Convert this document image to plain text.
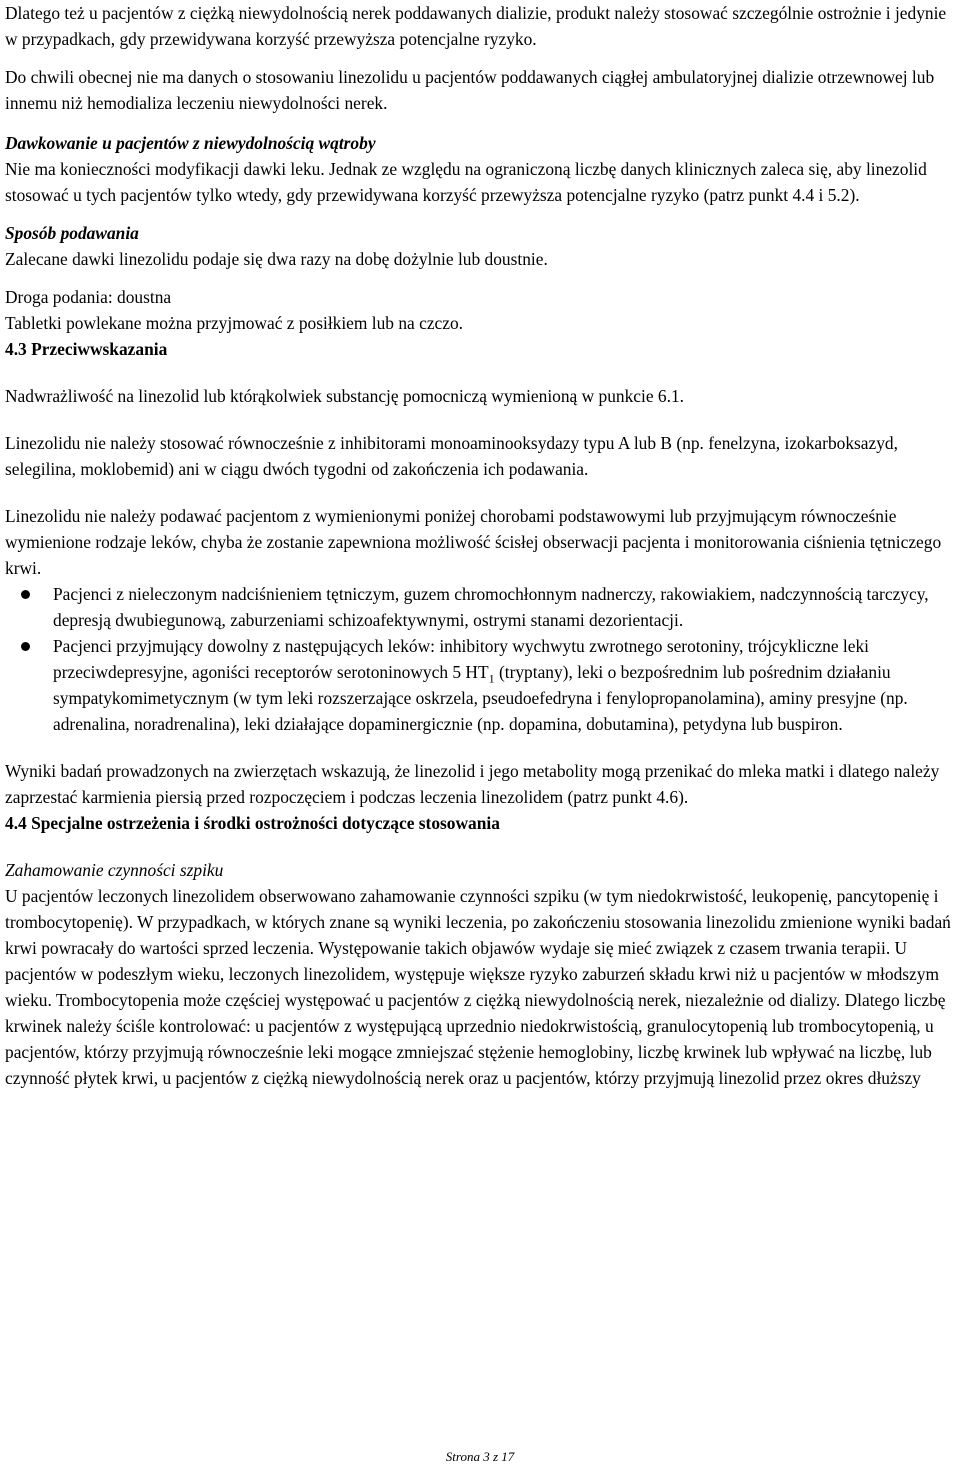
Dlatego też u pacjentów z ciężką niewydolnością nerek poddawanych dializie, produkt należy stosować szczególnie ostrożnie i jedynie w przypadkach, gdy przewidywana korzyść przewyższa potencjalne ryzyko.

Do chwili obecnej nie ma danych o stosowaniu linezolidu u pacjentów poddawanych ciągłej ambulatoryjnej dializie otrzewnowej lub innemu niż hemodializa leczeniu niewydolności nerek.

Dawkowanie u pacjentów z niewydolnością wątroby

Nie ma konieczności modyfikacji dawki leku. Jednak ze względu na ograniczoną liczbę danych klinicznych zaleca się, aby linezolid stosować u tych pacjentów tylko wtedy, gdy przewidywana korzyść przewyższa potencjalne ryzyko (patrz punkt 4.4 i 5.2).

Sposób podawania

Zalecane dawki linezolidu podaje się dwa razy na dobę dożylnie lub doustnie.

Droga podania: doustna

Tabletki powlekane można przyjmować z posiłkiem lub na czczo.

4.3 Przeciwwskazania

Nadwrażliwość na linezolid lub którąkolwiek substancję pomocniczą wymienioną w punkcie 6.1.

Linezolidu nie należy stosować równocześnie z inhibitorami monoaminooksydazy typu A lub B (np. fenelzyna, izokarboksazyd, selegilina, moklobemid) ani w ciągu dwóch tygodni od zakończenia ich podawania.

Linezolidu nie należy podawać pacjentom z wymienionymi poniżej chorobami podstawowymi lub przyjmującym równocześnie wymienione rodzaje leków, chyba że zostanie zapewniona możliwość ścisłej obserwacji pacjenta i monitorowania ciśnienia tętniczego krwi.

Pacjenci z nieleczonym nadciśnieniem tętniczym, guzem chromochłonnym nadnerczy, rakowiakiem, nadczynnością tarczycy, depresją dwubiegunową, zaburzeniami schizoafektywnymi, ostrymi stanami dezorientacji.
Pacjenci przyjmujący dowolny z następujących leków: inhibitory wychwytu zwrotnego serotoniny, trójcykliczne leki przeciwdepresyjne, agoniści receptorów serotoninowych 5 $HT_1$ (tryptany), leki o bezpośrednim lub pośrednim działaniu sympatykomimetycznym (w tym leki rozszerzające oskrzela, pseudoefedryna i fenylopropanolamina), aminy presyjne (np. adrenalina, noradrenalina), leki działające dopaminergicznie (np. dopamina, dobutamina), petydyna lub buspiron.

Wyniki badań prowadzonych na zwierzętach wskazują, że linezolid i jego metabolity mogą przenikać do mleka matki i dlatego należy zaprzestać karmienia piersią przed rozpoczęciem i podczas leczenia linezolidem (patrz punkt 4.6).

4.4 Specjalne ostrzeżenia i środki ostrożności dotyczące stosowania

Zahamowanie czynności szpiku

U pacjentów leczonych linezolidem obserwowano zahamowanie czynności szpiku (w tym niedokrwistość, leukopenię, pancytopenię i trombocytopenię). W przypadkach, w których znane są wyniki leczenia, po zakończeniu stosowania linezolidu zmienione wyniki badań krwi powracały do wartości sprzed leczenia. Występowanie takich objawów wydaje się mieć związek z czasem trwania terapii. U pacjentów w podeszłym wieku, leczonych linezolidem, występuje większe ryzyko zaburzeń składu krwi niż u pacjentów w młodszym wieku. Trombocytopenia może częściej występować u pacjentów z ciężką niewydolnością nerek, niezależnie od dializy. Dlatego liczbę krwinek należy ściśle kontrolować: u pacjentów z występującą uprzednio niedokrwistością, granulocytopenią lub trombocytopenią, u pacjentów, którzy przyjmują równocześnie leki mogące zmniejszać stężenie hemoglobiny, liczbę krwinek lub wpływać na liczbę, lub czynność płytek krwi, u pacjentów z ciężką niewydolnością nerek oraz u pacjentów, którzy przyjmują linezolid przez okres dłuższy

Strona 3 z 17
